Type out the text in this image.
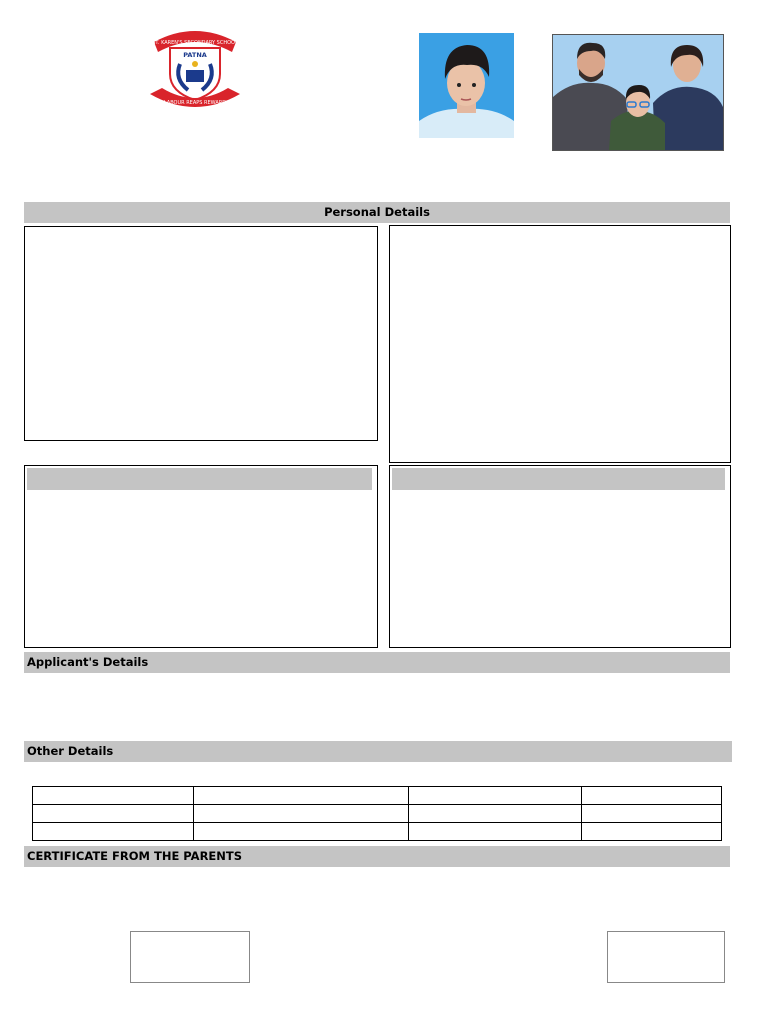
ST. KAREN'S SECONDARY SCHOOL
PATNA
LABOUR REAPS REWARD
Personal Details
Applicant's Details
Other Details

CERTIFICATE FROM THE PARENTS
